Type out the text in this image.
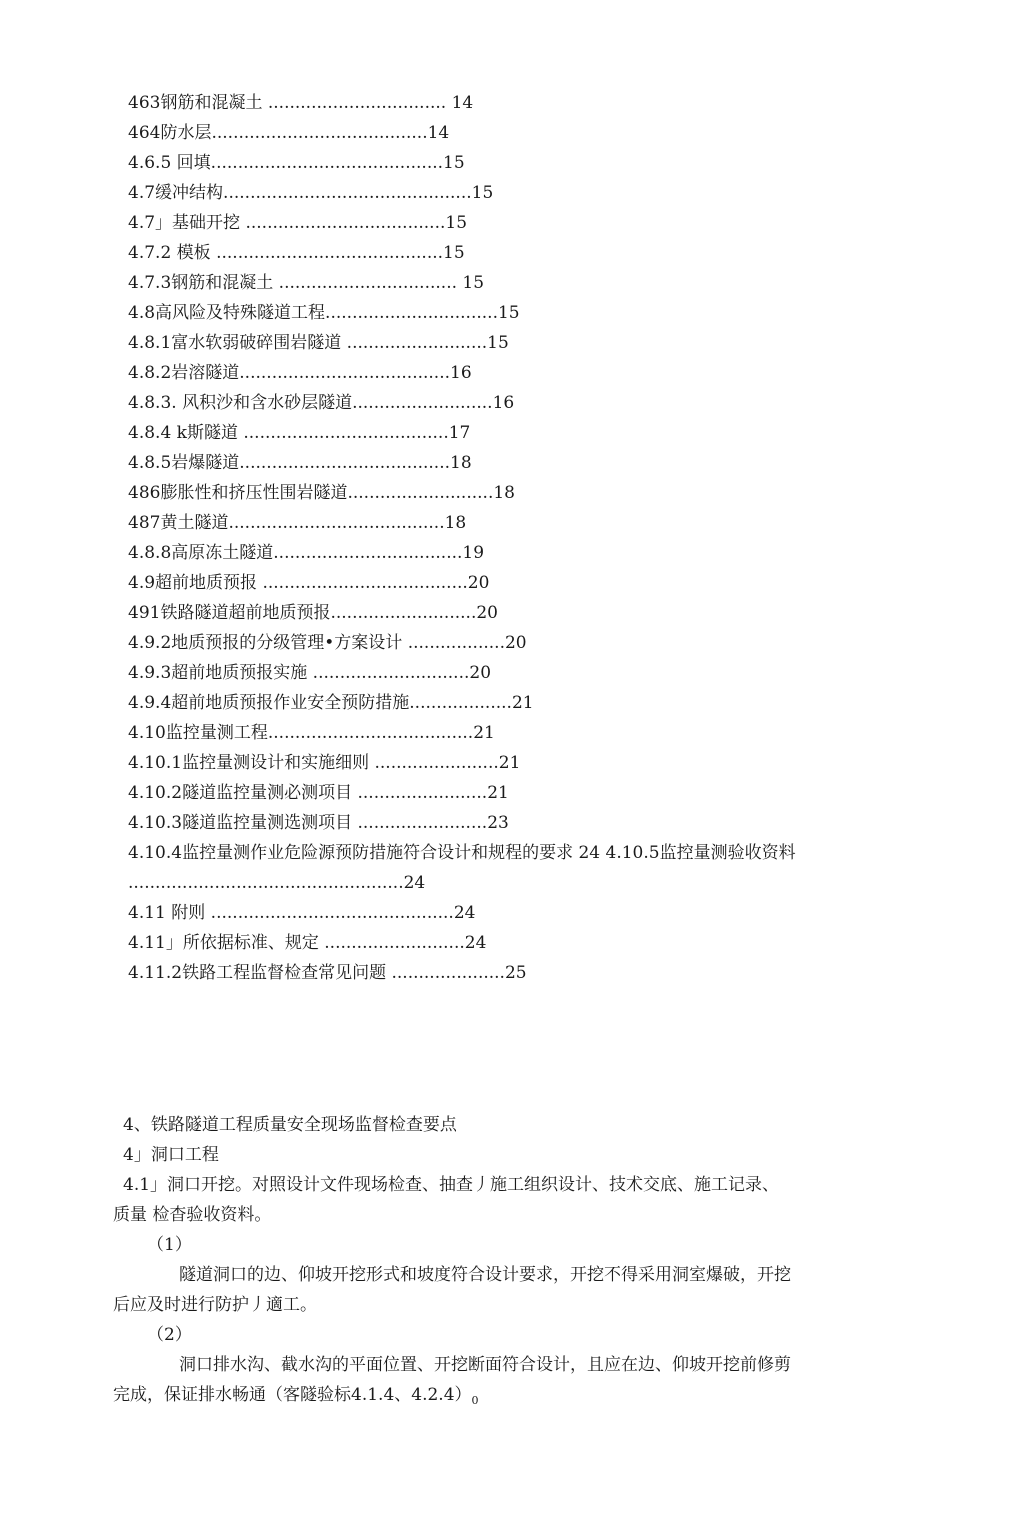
463钢筋和混凝土 ................................. 14
464防水层........................................14
4.6.5 回填...........................................15
4.7缓冲结构..............................................15
4.7」基础开挖 .....................................15
4.7.2 模板 ..........................................15
4.7.3钢筋和混凝土 ................................. 15
4.8高风险及特殊隧道工程................................15
4.8.1富水软弱破碎围岩隧道 ..........................15
4.8.2岩溶隧道.......................................16
4.8.3. 风积沙和含水砂层隧道..........................16
4.8.4 k斯隧道 ......................................17
4.8.5岩爆隧道.......................................18
486膨胀性和挤压性围岩隧道...........................18
487黄土隧道........................................18
4.8.8高原冻土隧道...................................19
4.9超前地质预报 ......................................20
491铁路隧道超前地质预报...........................20
4.9.2地质预报的分级管理•方案设计 ..................20
4.9.3超前地质预报实施 .............................20
4.9.4超前地质预报作业安全预防措施...................21
4.10监控量测工程......................................21
4.10.1监控量测设计和实施细则 .......................21
4.10.2隧道监控量测必测项目 ........................21
4.10.3隧道监控量测选测项目 ........................23
4.10.4监控量测作业危险源预防措施符合设计和规程的要求 24 4.10.5监控量测验收资料
...................................................24
4.11 附则 .............................................24
4.11」所依据标准、规定 ..........................24
4.11.2铁路工程监督检查常见问题 .....................25

4、铁路隧道工程质量安全现场监督检查要点

4」洞口工程

4.1」洞口开挖。对照设计文件现场检查、抽查丿施工组织设计、技术交底、施工记录、

质量 检杳验收资料。

（1）

隧道洞口的边、仰坡开挖形式和坡度符合设计要求，开挖不得采用洞室爆破，开挖

后应及时进行防护丿適工。

（2）

洞口排水沟、截水沟的平面位置、开挖断面符合设计，且应在边、仰坡开挖前修剪

完成，保证排水畅通（客隧验标4.1.4、$4.2.4)_0$
